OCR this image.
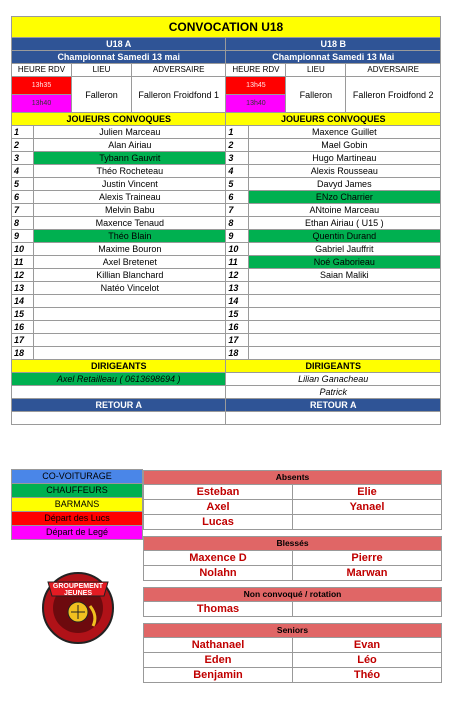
CONVOCATION U18							
U18 A				U18 B			
Championnat Samedi 13 mai				Championnat Samedi 13 Mai			
HEURE RDV		LIEU	ADVERSAIRE	HEURE RDV		LIEU	ADVERSAIRE
13h35		Falleron	Falleron Froidfond 1	13h45		Falleron	Falleron Froidfond 2
13h40				13h40			
JOUEURS CONVOQUES				JOUEURS CONVOQUES			
1	Julien Marceau			1	Maxence Guillet		
2	Alan Airiau			2	Mael Gobin		
3	Tybann Gauvrit			3	Hugo Martineau		
4	Théo Rocheteau			4	Alexis Rousseau		
5	Justin Vincent			5	Davyd James		
6	Alexis Traineau			6	ENzo Charrier		
7	Melvin Babu			7	ANtoine Marceau		
8	Maxence Tenaud			8	Ethan Airiau ( U15 )		
9	Théo Blain			9	Quentin Durand		
10	Maxime Bouron			10	Gabriel Jauffrit		
11	Axel Bretenet			11	Noé Gaborieau		
12	Killian Blanchard			12	Saian Maliki		
13	Natéo Vincelot			13			
14				14			
15				15			
16				16			
17				17			
18				18			
DIRIGEANTS				DIRIGEANTS			
Axel Retailleau ( 0613698694 )				Lilian Ganacheau			
				Patrick			
RETOUR A				RETOUR A			

CO-VOITURAGE
CHAUFFEURS
BARMANS
Départ des Lucs
Départ de Legé
GROUPEMENT
JEUNES
Absents	
Esteban	Elie
Axel	Yanael
Lucas	

Blessés	
Maxence D	Pierre
Nolahn	Marwan

Non convoqué / rotation	
Thomas	

Seniors	
Nathanael	Evan
Eden	Léo
Benjamin	Théo
